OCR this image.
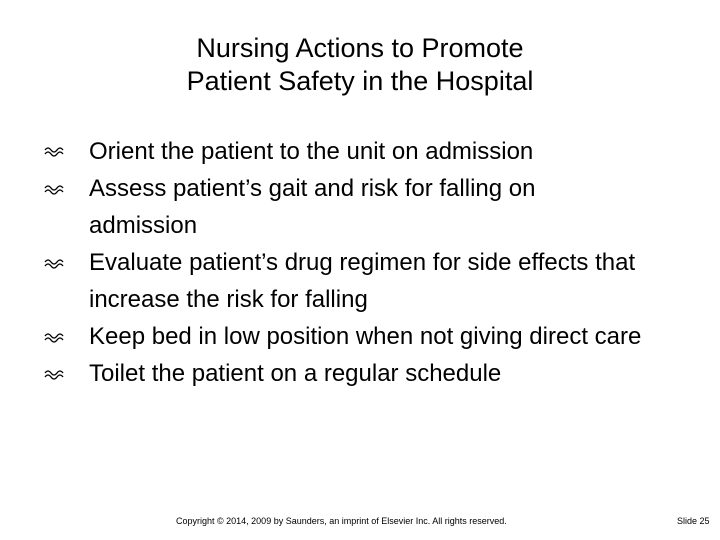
Nursing Actions to Promote
Patient Safety in the Hospital
Orient the patient to the unit on admission
Assess patient’s gait and risk for falling on admission
Evaluate patient’s drug regimen for side effects that increase the risk for falling
Keep bed in low position when not giving direct care
Toilet the patient on a regular schedule
Copyright © 2014, 2009 by Saunders, an imprint of Elsevier Inc. All rights reserved.	Slide 25
